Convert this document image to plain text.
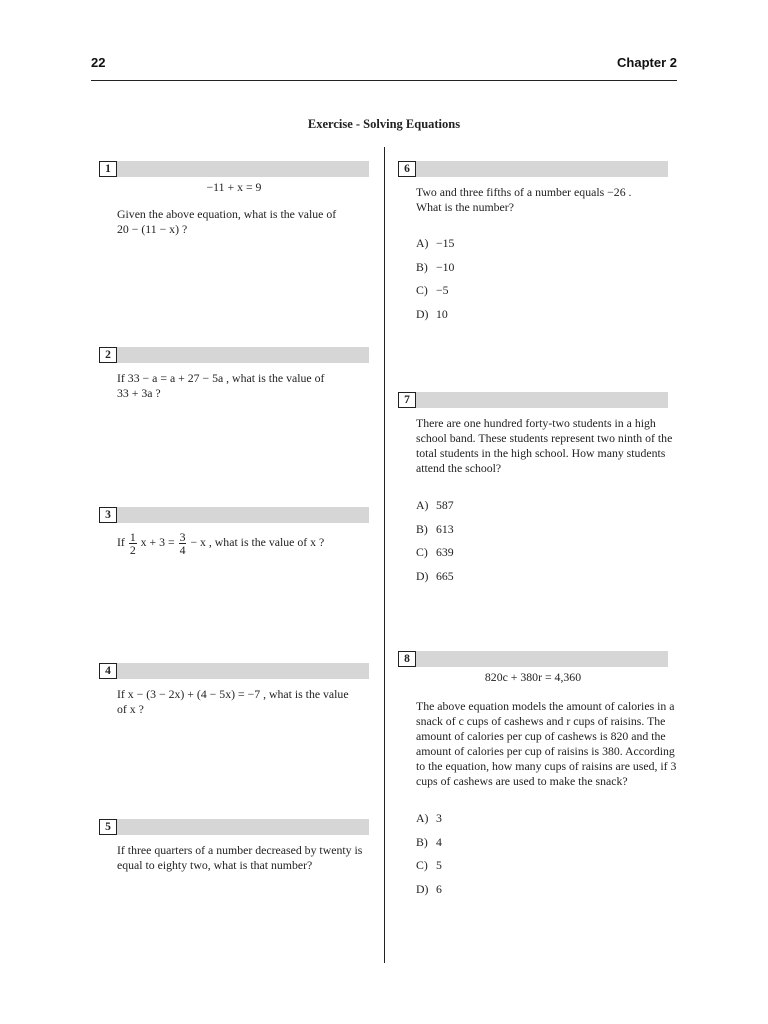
22	Chapter 2
Exercise - Solving Equations
1
−11 + x = 9
Given the above equation, what is the value of
20 − (11 − x) ?
2
If 33 − a = a + 27 − 5a , what is the value of
33 + 3a ?
3
If $\frac{1}{2}$ $x + 3 = \frac{3}{4} - x$ , what is the value of x ?
4
If x − (3 − 2x) + (4 − 5x) = −7 , what is the value
of x ?
5
If three quarters of a number decreased by twenty is equal to eighty two, what is that number?
6
Two and three fifths of a number equals −26 .
What is the number?
A) −15
B) −10
C) −5
D) 10
7
There are one hundred forty-two students in a high school band. These students represent two ninth of the total students in the high school. How many students attend the school?
A) 587
B) 613
C) 639
D) 665
8
820c + 380r = 4,360
The above equation models the amount of calories in a snack of c cups of cashews and r cups of raisins. The amount of calories per cup of cashews is 820 and the amount of calories per cup of raisins is 380. According to the equation, how many cups of raisins are used, if 3 cups of cashews are used to make the snack?
A) 3
B) 4
C) 5
D) 6
